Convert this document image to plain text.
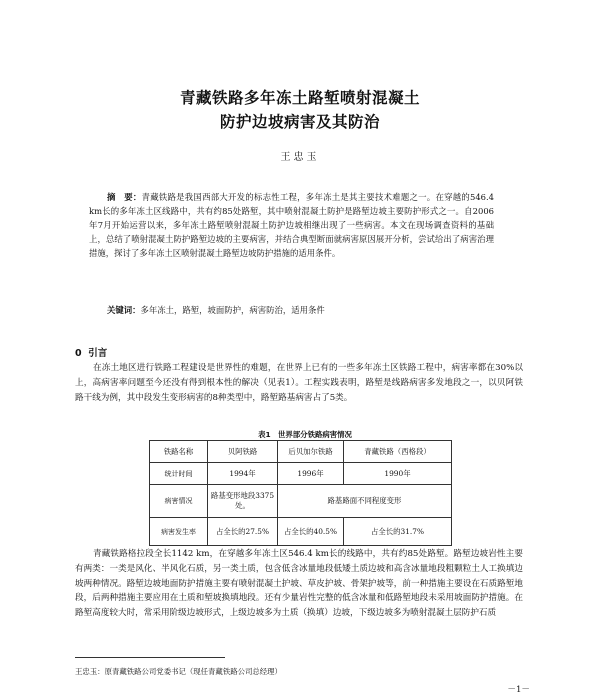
青藏铁路多年冻土路堑喷射混凝土
防护边坡病害及其防治
王忠玉
摘　要：青藏铁路是我国西部大开发的标志性工程，多年冻土是其主要技术难题之一。在穿越的546.4 km长的多年冻土区线路中，共有约85处路堑，其中喷射混凝土防护是路堑边坡主要防护形式之一。自2006年7月开始运营以来，多年冻土路堑喷射混凝土防护边坡相继出现了一些病害。本文在现场调查资料的基础上，总结了喷射混凝土防护路堑边坡的主要病害，并结合典型断面就病害原因展开分析，尝试给出了病害治理措施，探讨了多年冻土区喷射混凝土路堑边坡防护措施的适用条件。
关键词：多年冻土，路堑，坡面防护，病害防治，适用条件
0 引言
在冻土地区进行铁路工程建设是世界性的难题，在世界上已有的一些多年冻土区铁路工程中，病害率都在30%以上，高病害率问题至今还没有得到根本性的解决（见表1）。工程实践表明，路堑是线路病害多发地段之一，以贝阿铁路干线为例，其中段发生变形病害的8种类型中，路堑路基病害占了5类。
表1　世界部分铁路病害情况
铁路名称	贝阿铁路	后贝加尔铁路	青藏铁路（西格段）
统计时间	1994年	1996年	1990年
病害情况	路基变形地段3375处。	路基路面不同程度变形	
病害发生率	占全长的27.5%	占全长的40.5%	占全长的31.7%
青藏铁路格拉段全长1142 km，在穿越多年冻土区546.4 km长的线路中，共有约85处路堑。路堑边坡岩性主要有两类：一类是风化、半风化石质，另一类土质，包含低含冰量地段低矮土质边坡和高含冰量地段粗颗粒土人工换填边坡两种情况。路堑边坡地面防护措施主要有喷射混凝土护坡、草皮护坡、骨架护坡等，前一种措施主要设在石质路堑地段，后两种措施主要应用在土质和堑坡换填地段。还有少量岩性完整的低含冰量和低路堑地段未采用坡面防护措施。在路堑高度较大时，常采用阶级边坡形式，上级边坡多为土质（换填）边坡，下级边坡多为喷射混凝土层防护石质
王忠玉：原青藏铁路公司党委书记（现任青藏铁路公司总经理）
－1－
